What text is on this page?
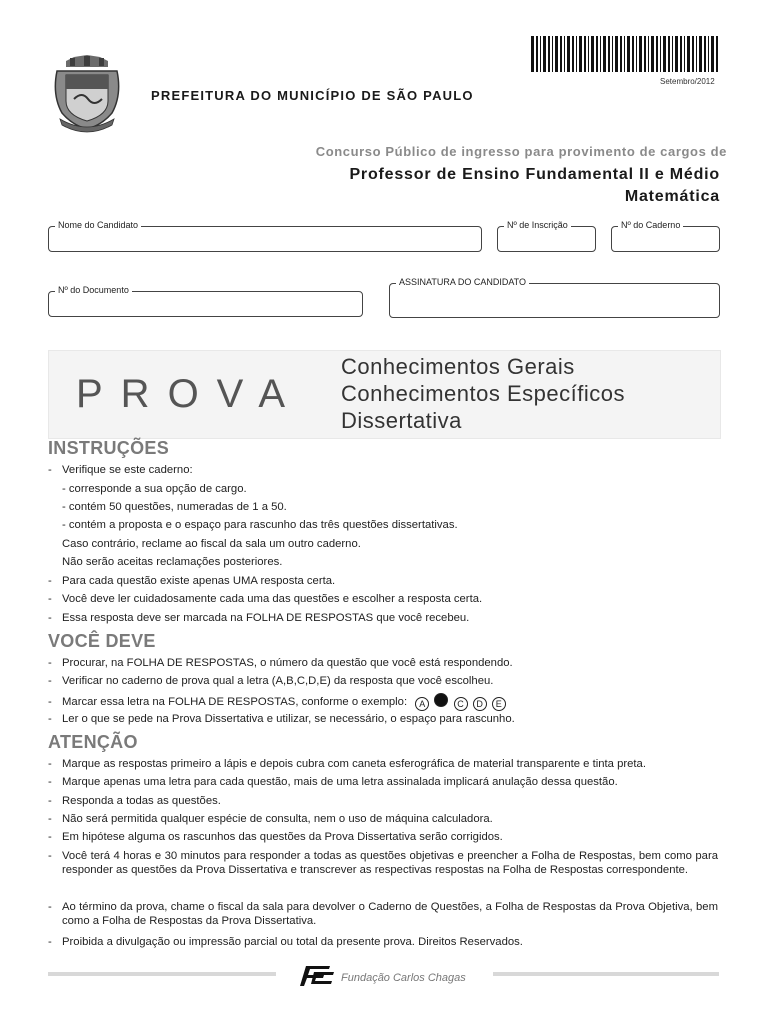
Setembro/2012
PREFEITURA DO MUNICÍPIO DE SÃO PAULO
Concurso Público de ingresso para provimento de cargos de
Professor de Ensino Fundamental II e Médio
Matemática
Nome do Candidato	Nº de Inscrição	Nº do Caderno
Nº do Documento
ASSINATURA DO CANDIDATO
PROVA
Conhecimentos Gerais
Conhecimentos Específicos
Dissertativa
INSTRUÇÕES
- Verifique se este caderno:
- corresponde a sua opção de cargo.
- contém 50 questões, numeradas de 1 a 50.
- contém a proposta e o espaço para rascunho das três questões dissertativas.
Caso contrário, reclame ao fiscal da sala um outro caderno.
Não serão aceitas reclamações posteriores.
- Para cada questão existe apenas UMA resposta certa.
- Você deve ler cuidadosamente cada uma das questões e escolher a resposta certa.
- Essa resposta deve ser marcada na FOLHA DE RESPOSTAS que você recebeu.
VOCÊ DEVE
- Procurar, na FOLHA DE RESPOSTAS, o número da questão que você está respondendo.
- Verificar no caderno de prova qual a letra (A,B,C,D,E) da resposta que você escolheu.
- Marcar essa letra na FOLHA DE RESPOSTAS, conforme o exemplo: A	C D E
- Ler o que se pede na Prova Dissertativa e utilizar, se necessário, o espaço para rascunho.
ATENÇÃO
- Marque as respostas primeiro a lápis e depois cubra com caneta esferográfica de material transparente e tinta preta.
- Marque apenas uma letra para cada questão, mais de uma letra assinalada implicará anulação dessa questão.
- Responda a todas as questões.
- Não será permitida qualquer espécie de consulta, nem o uso de máquina calculadora.
- Em hipótese alguma os rascunhos das questões da Prova Dissertativa serão corrigidos.
- Você terá 4 horas e 30 minutos para responder a todas as questões objetivas e preencher a Folha de Respostas, bem como para responder as questões da Prova Dissertativa e transcrever as respectivas respostas na Folha de Respostas correspondente.
- Ao término da prova, chame o fiscal da sala para devolver o Caderno de Questões, a Folha de Respostas da Prova Objetiva, bem como a Folha de Respostas da Prova Dissertativa.
- Proibida a divulgação ou impressão parcial ou total da presente prova. Direitos Reservados.
Fundação Carlos Chagas
